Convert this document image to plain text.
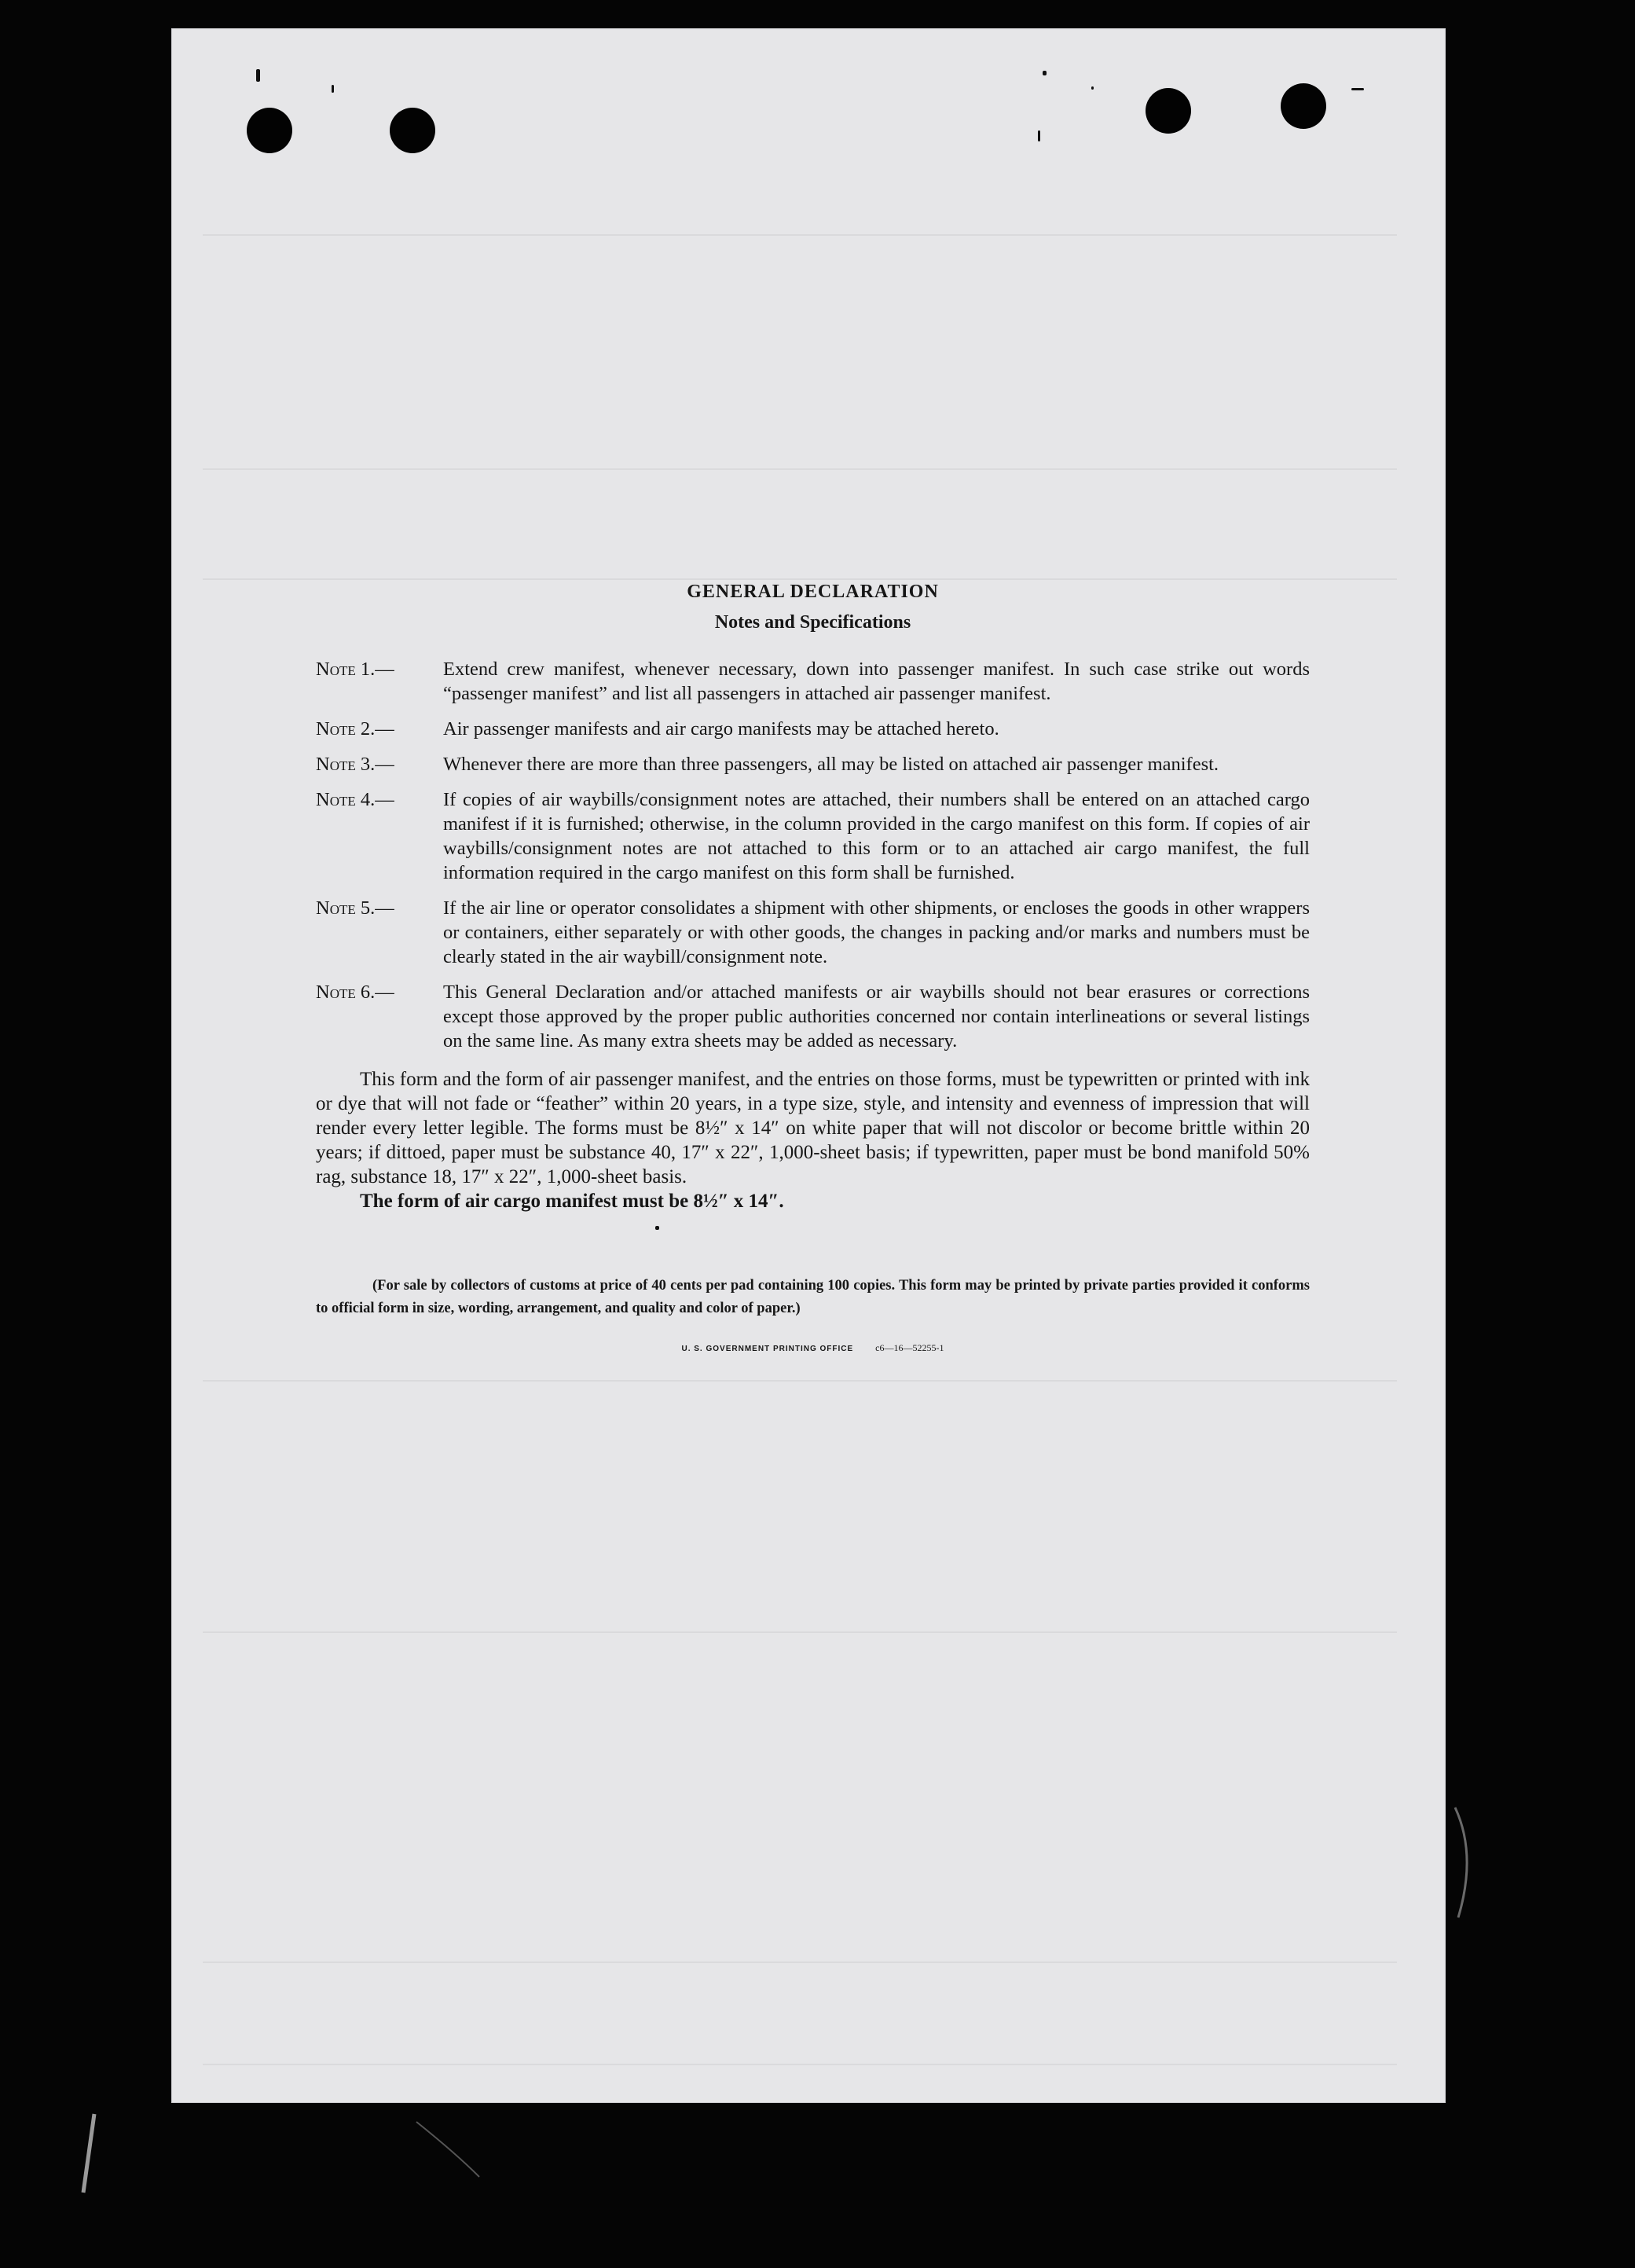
GENERAL DECLARATION
Notes and Specifications

Note 1.—	Extend crew manifest, whenever necessary, down into passenger manifest. In such case strike out words “passenger manifest” and list all passengers in attached air passenger manifest.

Note 2.—	Air passenger manifests and air cargo manifests may be attached hereto.

Note 3.—	Whenever there are more than three passengers, all may be listed on attached air passenger manifest.

Note 4.—	If copies of air waybills/consignment notes are attached, their numbers shall be entered on an attached cargo manifest if it is furnished; otherwise, in the column provided in the cargo manifest on this form. If copies of air waybills/consignment notes are not attached to this form or to an attached air cargo manifest, the full information required in the cargo manifest on this form shall be furnished.

Note 5.—	If the air line or operator consolidates a shipment with other shipments, or encloses the goods in other wrappers or containers, either separately or with other goods, the changes in packing and/or marks and numbers must be clearly stated in the air waybill/consignment note.

Note 6.—	This General Declaration and/or attached manifests or air waybills should not bear erasures or corrections except those approved by the proper public authorities concerned nor contain interlineations or several listings on the same line. As many extra sheets may be added as necessary.

This form and the form of air passenger manifest, and the entries on those forms, must be typewritten or printed with ink or dye that will not fade or “feather” within 20 years, in a type size, style, and intensity and evenness of impression that will render every letter legible. The forms must be 8½″ x 14″ on white paper that will not discolor or become brittle within 20 years; if dittoed, paper must be substance 40, 17″ x 22″, 1,000-sheet basis; if typewritten, paper must be bond manifold 50% rag, substance 18, 17″ x 22″, 1,000-sheet basis.

The form of air cargo manifest must be 8½″ x 14″.

(For sale by collectors of customs at price of 40 cents per pad containing 100 copies. This form may be printed by private parties provided it conforms to official form in size, wording, arrangement, and quality and color of paper.)

U. S. GOVERNMENT PRINTING OFFICE c6—16—52255-1
